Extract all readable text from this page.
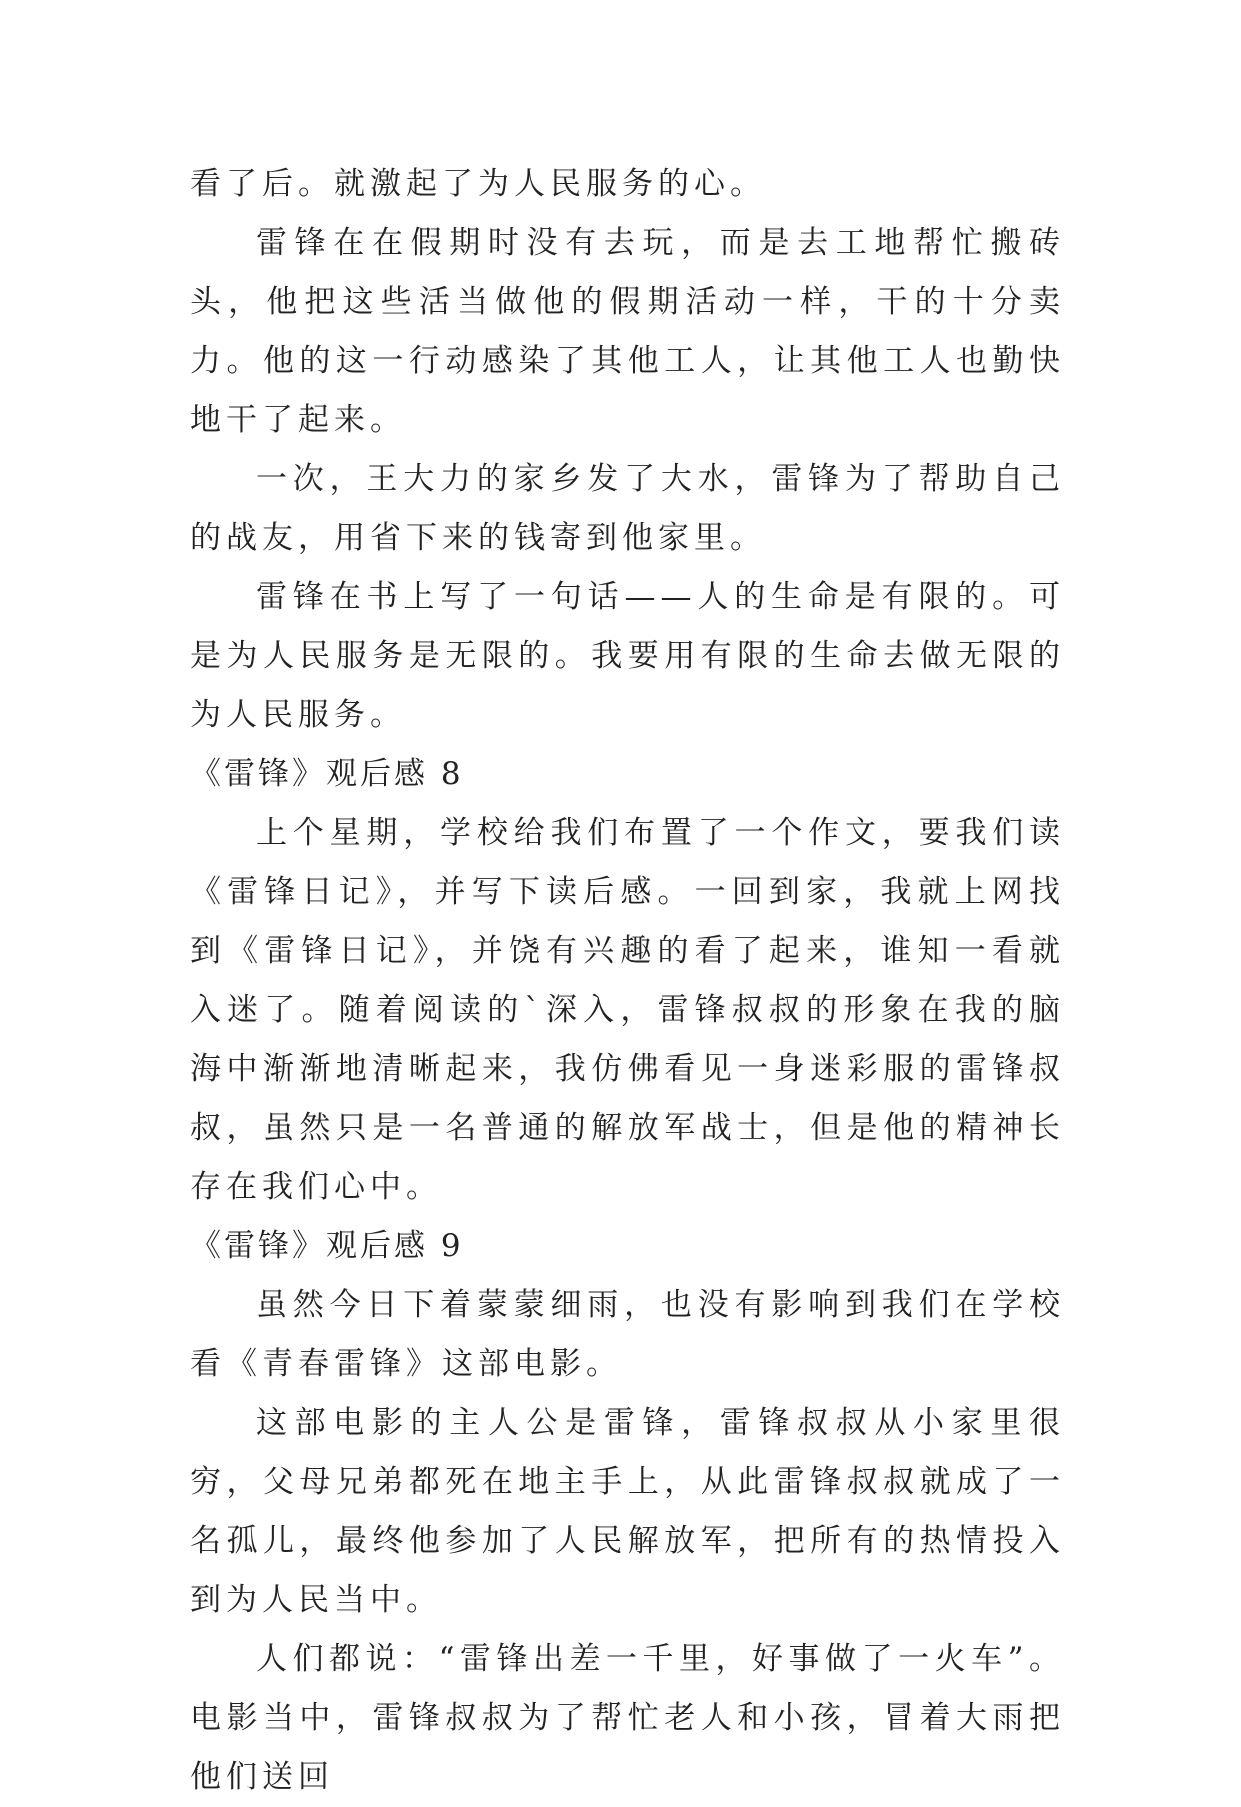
看了后。就激起了为人民服务的心。

雷锋在在假期时没有去玩，而是去工地帮忙搬砖头，他把这些活当做他的假期活动一样，干的十分卖力。他的这一行动感染了其他工人，让其他工人也勤快地干了起来。

一次，王大力的家乡发了大水，雷锋为了帮助自己的战友，用省下来的钱寄到他家里。

雷锋在书上写了一句话——人的生命是有限的。可是为人民服务是无限的。我要用有限的生命去做无限的为人民服务。

《雷锋》观后感 8

上个星期，学校给我们布置了一个作文，要我们读《雷锋日记》，并写下读后感。一回到家，我就上网找到《雷锋日记》，并饶有兴趣的看了起来，谁知一看就入迷了。随着阅读的`深入，雷锋叔叔的形象在我的脑海中渐渐地清晰起来，我仿佛看见一身迷彩服的雷锋叔叔，虽然只是一名普通的解放军战士，但是他的精神长存在我们心中。

《雷锋》观后感 9

虽然今日下着蒙蒙细雨，也没有影响到我们在学校看《青春雷锋》这部电影。

这部电影的主人公是雷锋，雷锋叔叔从小家里很穷，父母兄弟都死在地主手上，从此雷锋叔叔就成了一名孤儿，最终他参加了人民解放军，把所有的热情投入到为人民当中。

人们都说：“雷锋出差一千里，好事做了一火车”。电影当中，雷锋叔叔为了帮忙老人和小孩，冒着大雨把他们送回
